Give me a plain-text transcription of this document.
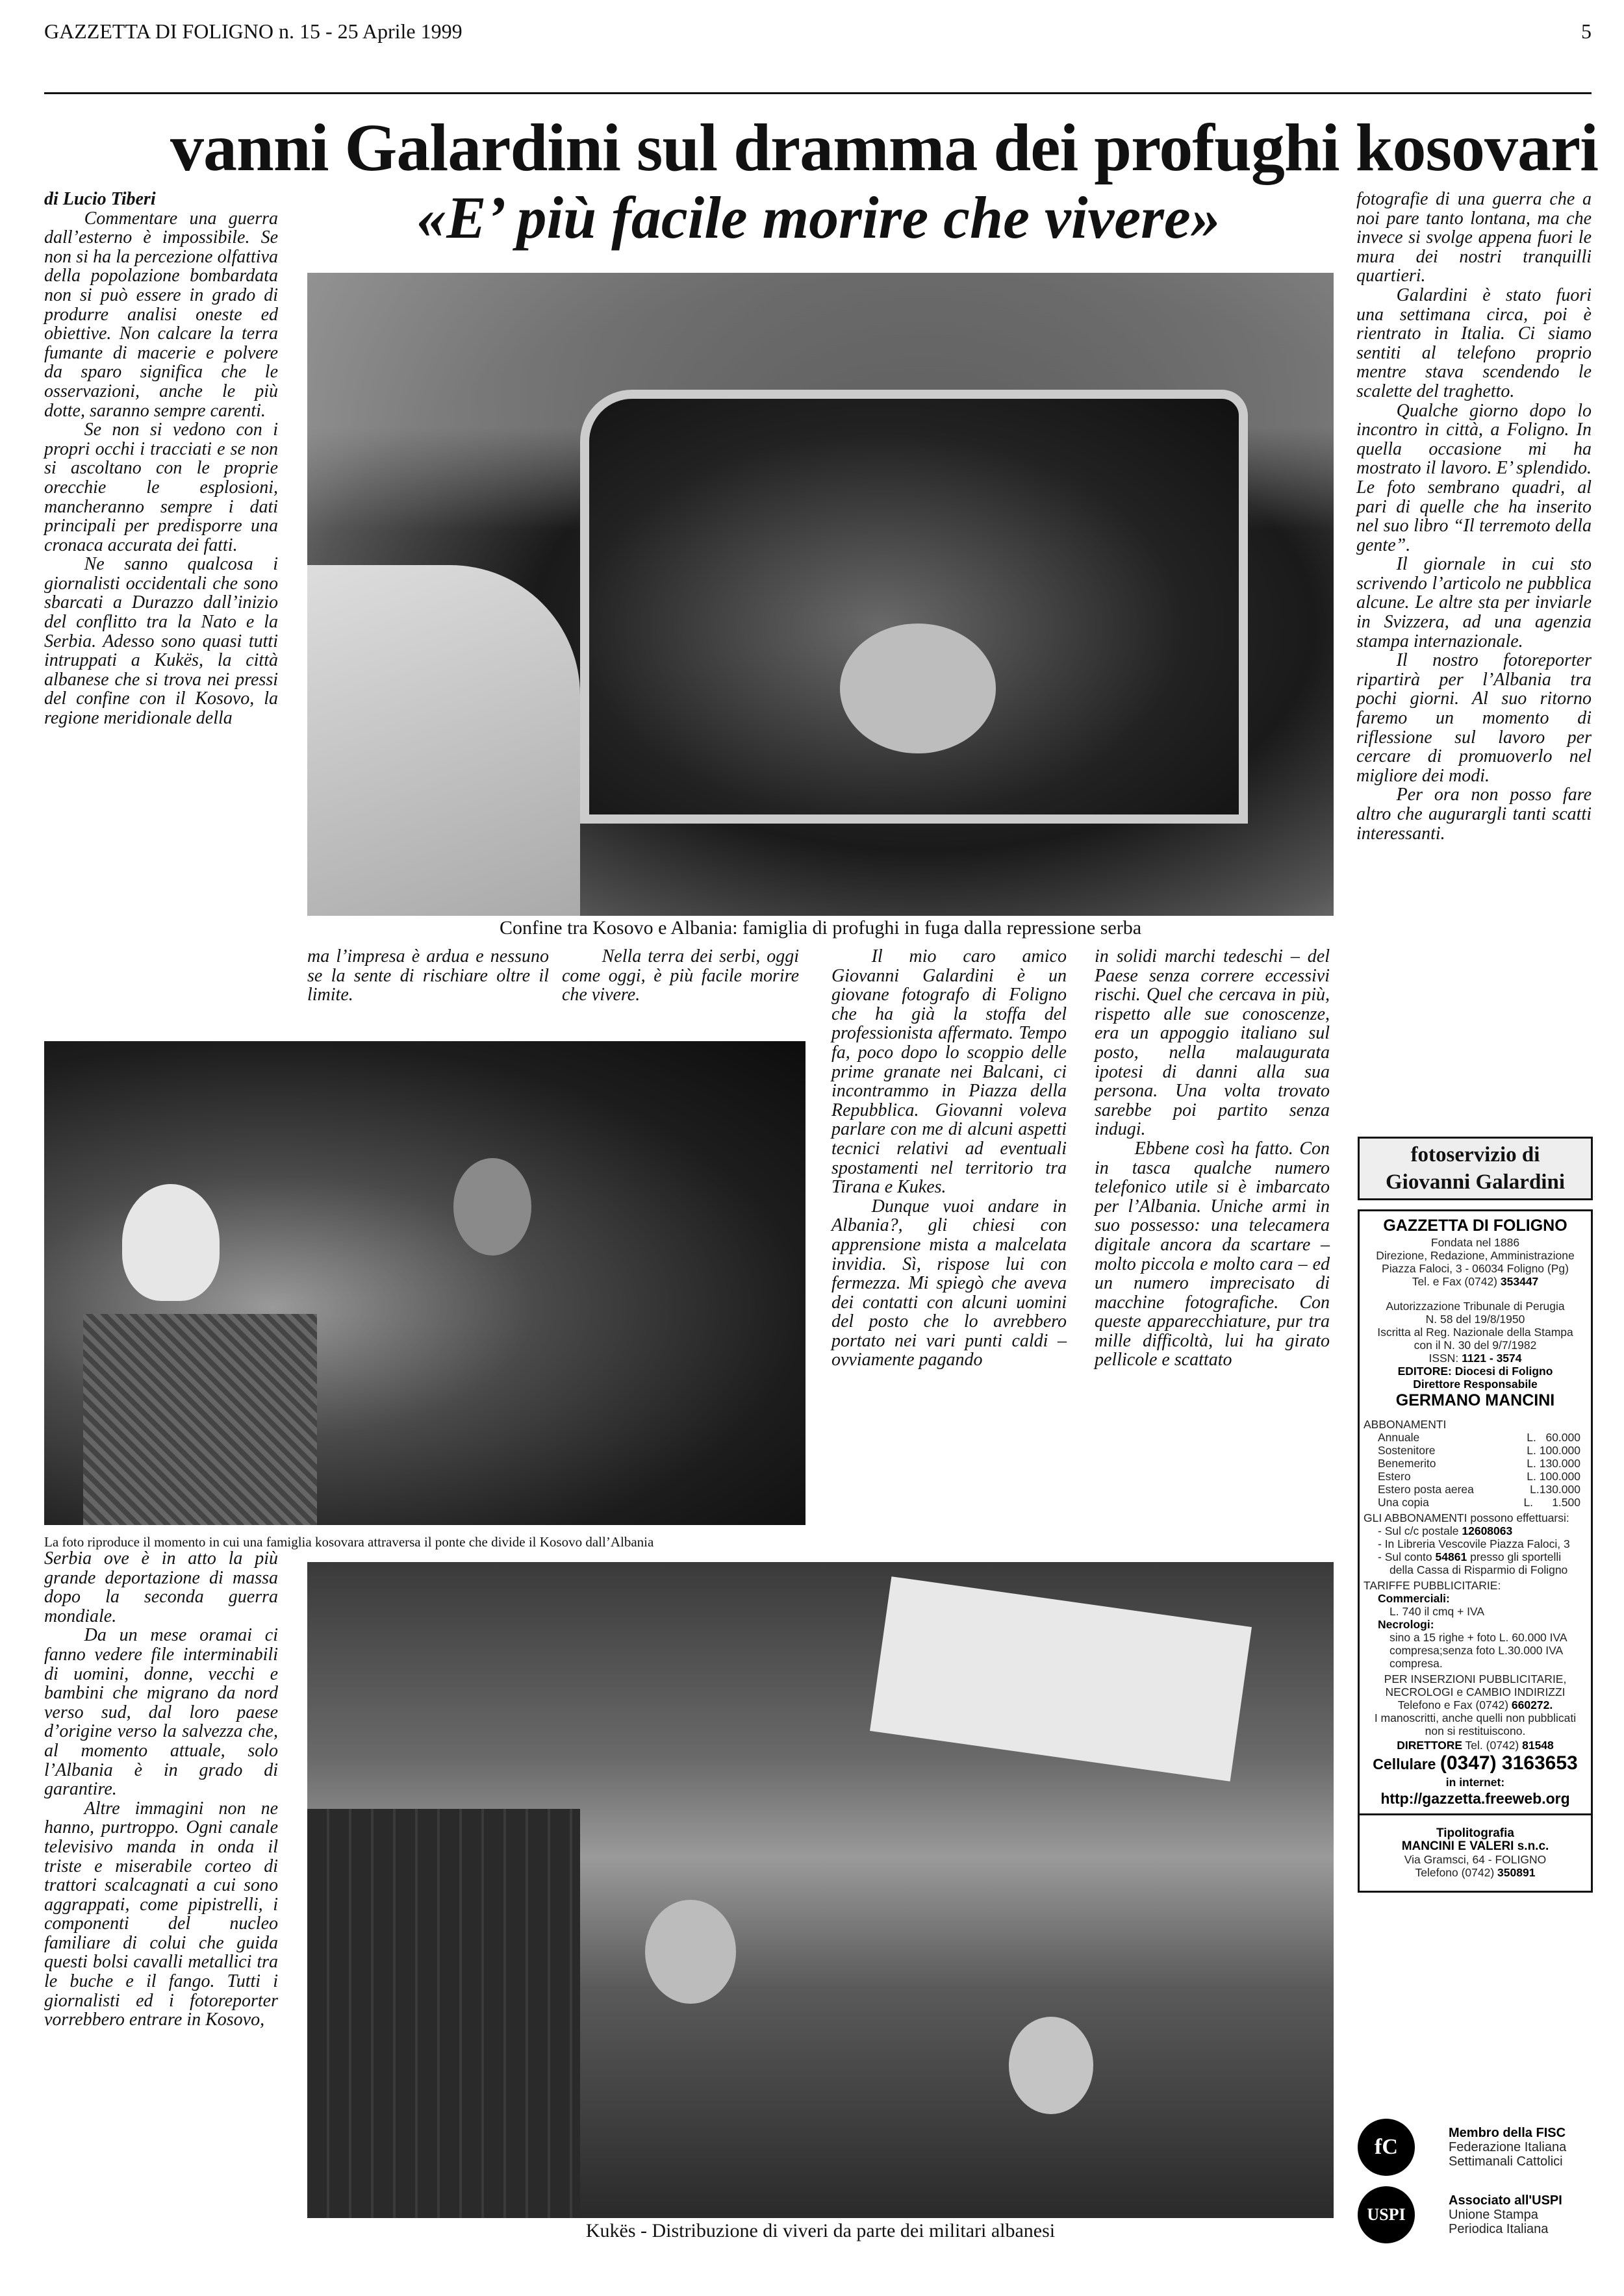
GAZZETTA DI FOLIGNO n. 15 - 25 Aprile 1999	5
vanni Galardini sul dramma dei profughi kosovari
«E’ più facile morire che vivere»

di Lucio Tiberi

Commentare una guerra dall’esterno è impossibile. Se non si ha la percezione olfattiva della popolazione bombardata non si può essere in grado di produrre analisi oneste ed obiettive. Non calcare la terra fumante di macerie e polvere da sparo significa che le osservazioni, anche le più dotte, saranno sempre carenti.

Se non si vedono con i propri occhi i tracciati e se non si ascoltano con le proprie orecchie le esplosioni, mancheranno sempre i dati principali per predisporre una cronaca accurata dei fatti.

Ne sanno qualcosa i giornalisti occidentali che sono sbarcati a Durazzo dall’inizio del conflitto tra la Nato e la Serbia. Adesso sono quasi tutti intruppati a Kukës, la città albanese che si trova nei pressi del confine con il Kosovo, la regione meridionale della

Confine tra Kosovo e Albania: famiglia di profughi in fuga dalla repressione serba

ma l’impresa è ardua e nessuno se la sente di rischiare oltre il limite.

Nella terra dei serbi, oggi come oggi, è più facile morire che vivere.

La foto riproduce il momento in cui una famiglia kosovara attraversa il ponte che divide il Kosovo dall’Albania

Il mio caro amico Giovanni Galardini è un giovane fotografo di Foligno che ha già la stoffa del professionista affermato. Tempo fa, poco dopo lo scoppio delle prime granate nei Balcani, ci incontrammo in Piazza della Repubblica. Giovanni voleva parlare con me di alcuni aspetti tecnici relativi ad eventuali spostamenti nel territorio tra Tirana e Kukes.

Dunque vuoi andare in Albania?, gli chiesi con apprensione mista a malcelata invidia. Sì, rispose lui con fermezza. Mi spiegò che aveva dei contatti con alcuni uomini del posto che lo avrebbero portato nei vari punti caldi – ovviamente pagando

in solidi marchi tedeschi – del Paese senza correre eccessivi rischi. Quel che cercava in più, rispetto alle sue conoscenze, era un appoggio italiano sul posto, nella malaugurata ipotesi di danni alla sua persona. Una volta trovato sarebbe poi partito senza indugi.

Ebbene così ha fatto. Con in tasca qualche numero telefonico utile si è imbarcato per l’Albania. Uniche armi in suo possesso: una telecamera digitale ancora da scartare – molto piccola e molto cara – ed un numero imprecisato di macchine fotografiche. Con queste apparecchiature, pur tra mille difficoltà, lui ha girato pellicole e scattato

fotografie di una guerra che a noi pare tanto lontana, ma che invece si svolge appena fuori le mura dei nostri tranquilli quartieri.

Galardini è stato fuori una settimana circa, poi è rientrato in Italia. Ci siamo sentiti al telefono proprio mentre stava scendendo le scalette del traghetto.

Qualche giorno dopo lo incontro in città, a Foligno. In quella occasione mi ha mostrato il lavoro. E’ splendido. Le foto sembrano quadri, al pari di quelle che ha inserito nel suo libro “Il terremoto della gente”.

Il giornale in cui sto scrivendo l’articolo ne pubblica alcune. Le altre sta per inviarle in Svizzera, ad una agenzia stampa internazionale.

Il nostro fotoreporter ripartirà per l’Albania tra pochi giorni. Al suo ritorno faremo un momento di riflessione sul lavoro per cercare di promuoverlo nel migliore dei modi.

Per ora non posso fare altro che augurargli tanti scatti interessanti.

fotoservizio di
Giovanni Galardini
GAZZETTA DI FOLIGNO
Fondata nel 1886
Direzione, Redazione, Amministrazione
Piazza Faloci, 3 - 06034 Foligno (Pg)
Tel. e Fax (0742) 353447
Autorizzazione Tribunale di Perugia
N. 58 del 19/8/1950
Iscritta al Reg. Nazionale della Stampa
con il N. 30 del 9/7/1982
ISSN: 1121 - 3574
EDITORE: Diocesi di Foligno
Direttore Responsabile
GERMANO MANCINI
ABBONAMENTI
Annuale	L.   60.000
Sostenitore	L. 100.000
Benemerito	L. 130.000
Estero	L. 100.000
Estero posta aerea	L.130.000
Una copia	L.      1.500
GLI ABBONAMENTI possono effettuarsi:
- Sul c/c postale 12608063
- In Libreria Vescovile Piazza Faloci, 3
- Sul conto 54861 presso gli sportelli
della Cassa di Risparmio di Foligno
TARIFFE PUBBLICITARIE:
Commerciali:
L. 740 il cmq + IVA
Necrologi:
sino a 15 righe + foto L. 60.000 IVA
compresa;senza foto L.30.000 IVA
compresa.
PER INSERZIONI PUBBLICITARIE,
NECROLOGI e CAMBIO INDIRIZZI
Telefono e Fax (0742) 660272.
I manoscritti, anche quelli non pubblicati
non si restituiscono.
DIRETTORE Tel. (0742) 81548
Cellulare (0347) 3163653
in internet:
http://gazzetta.freeweb.org
Tipolitografia
MANCINI E VALERI s.n.c.
Via Gramsci, 64 - FOLIGNO
Telefono (0742) 350891
fC
Membro della FISC
Federazione Italiana
Settimanali Cattolici
USPI
Associato all'USPI
Unione Stampa
Periodica Italiana

Serbia ove è in atto la più grande deportazione di massa dopo la seconda guerra mondiale.

Da un mese oramai ci fanno vedere file interminabili di uomini, donne, vecchi e bambini che migrano da nord verso sud, dal loro paese d’origine verso la salvezza che, al momento attuale, solo l’Albania è in grado di garantire.

Altre immagini non ne hanno, purtroppo. Ogni canale televisivo manda in onda il triste e miserabile corteo di trattori scalcagnati a cui sono aggrappati, come pipistrelli, i componenti del nucleo familiare di colui che guida questi bolsi cavalli metallici tra le buche e il fango. Tutti i giornalisti ed i fotoreporter vorrebbero entrare in Kosovo,

Kukës - Distribuzione di viveri da parte dei militari albanesi
